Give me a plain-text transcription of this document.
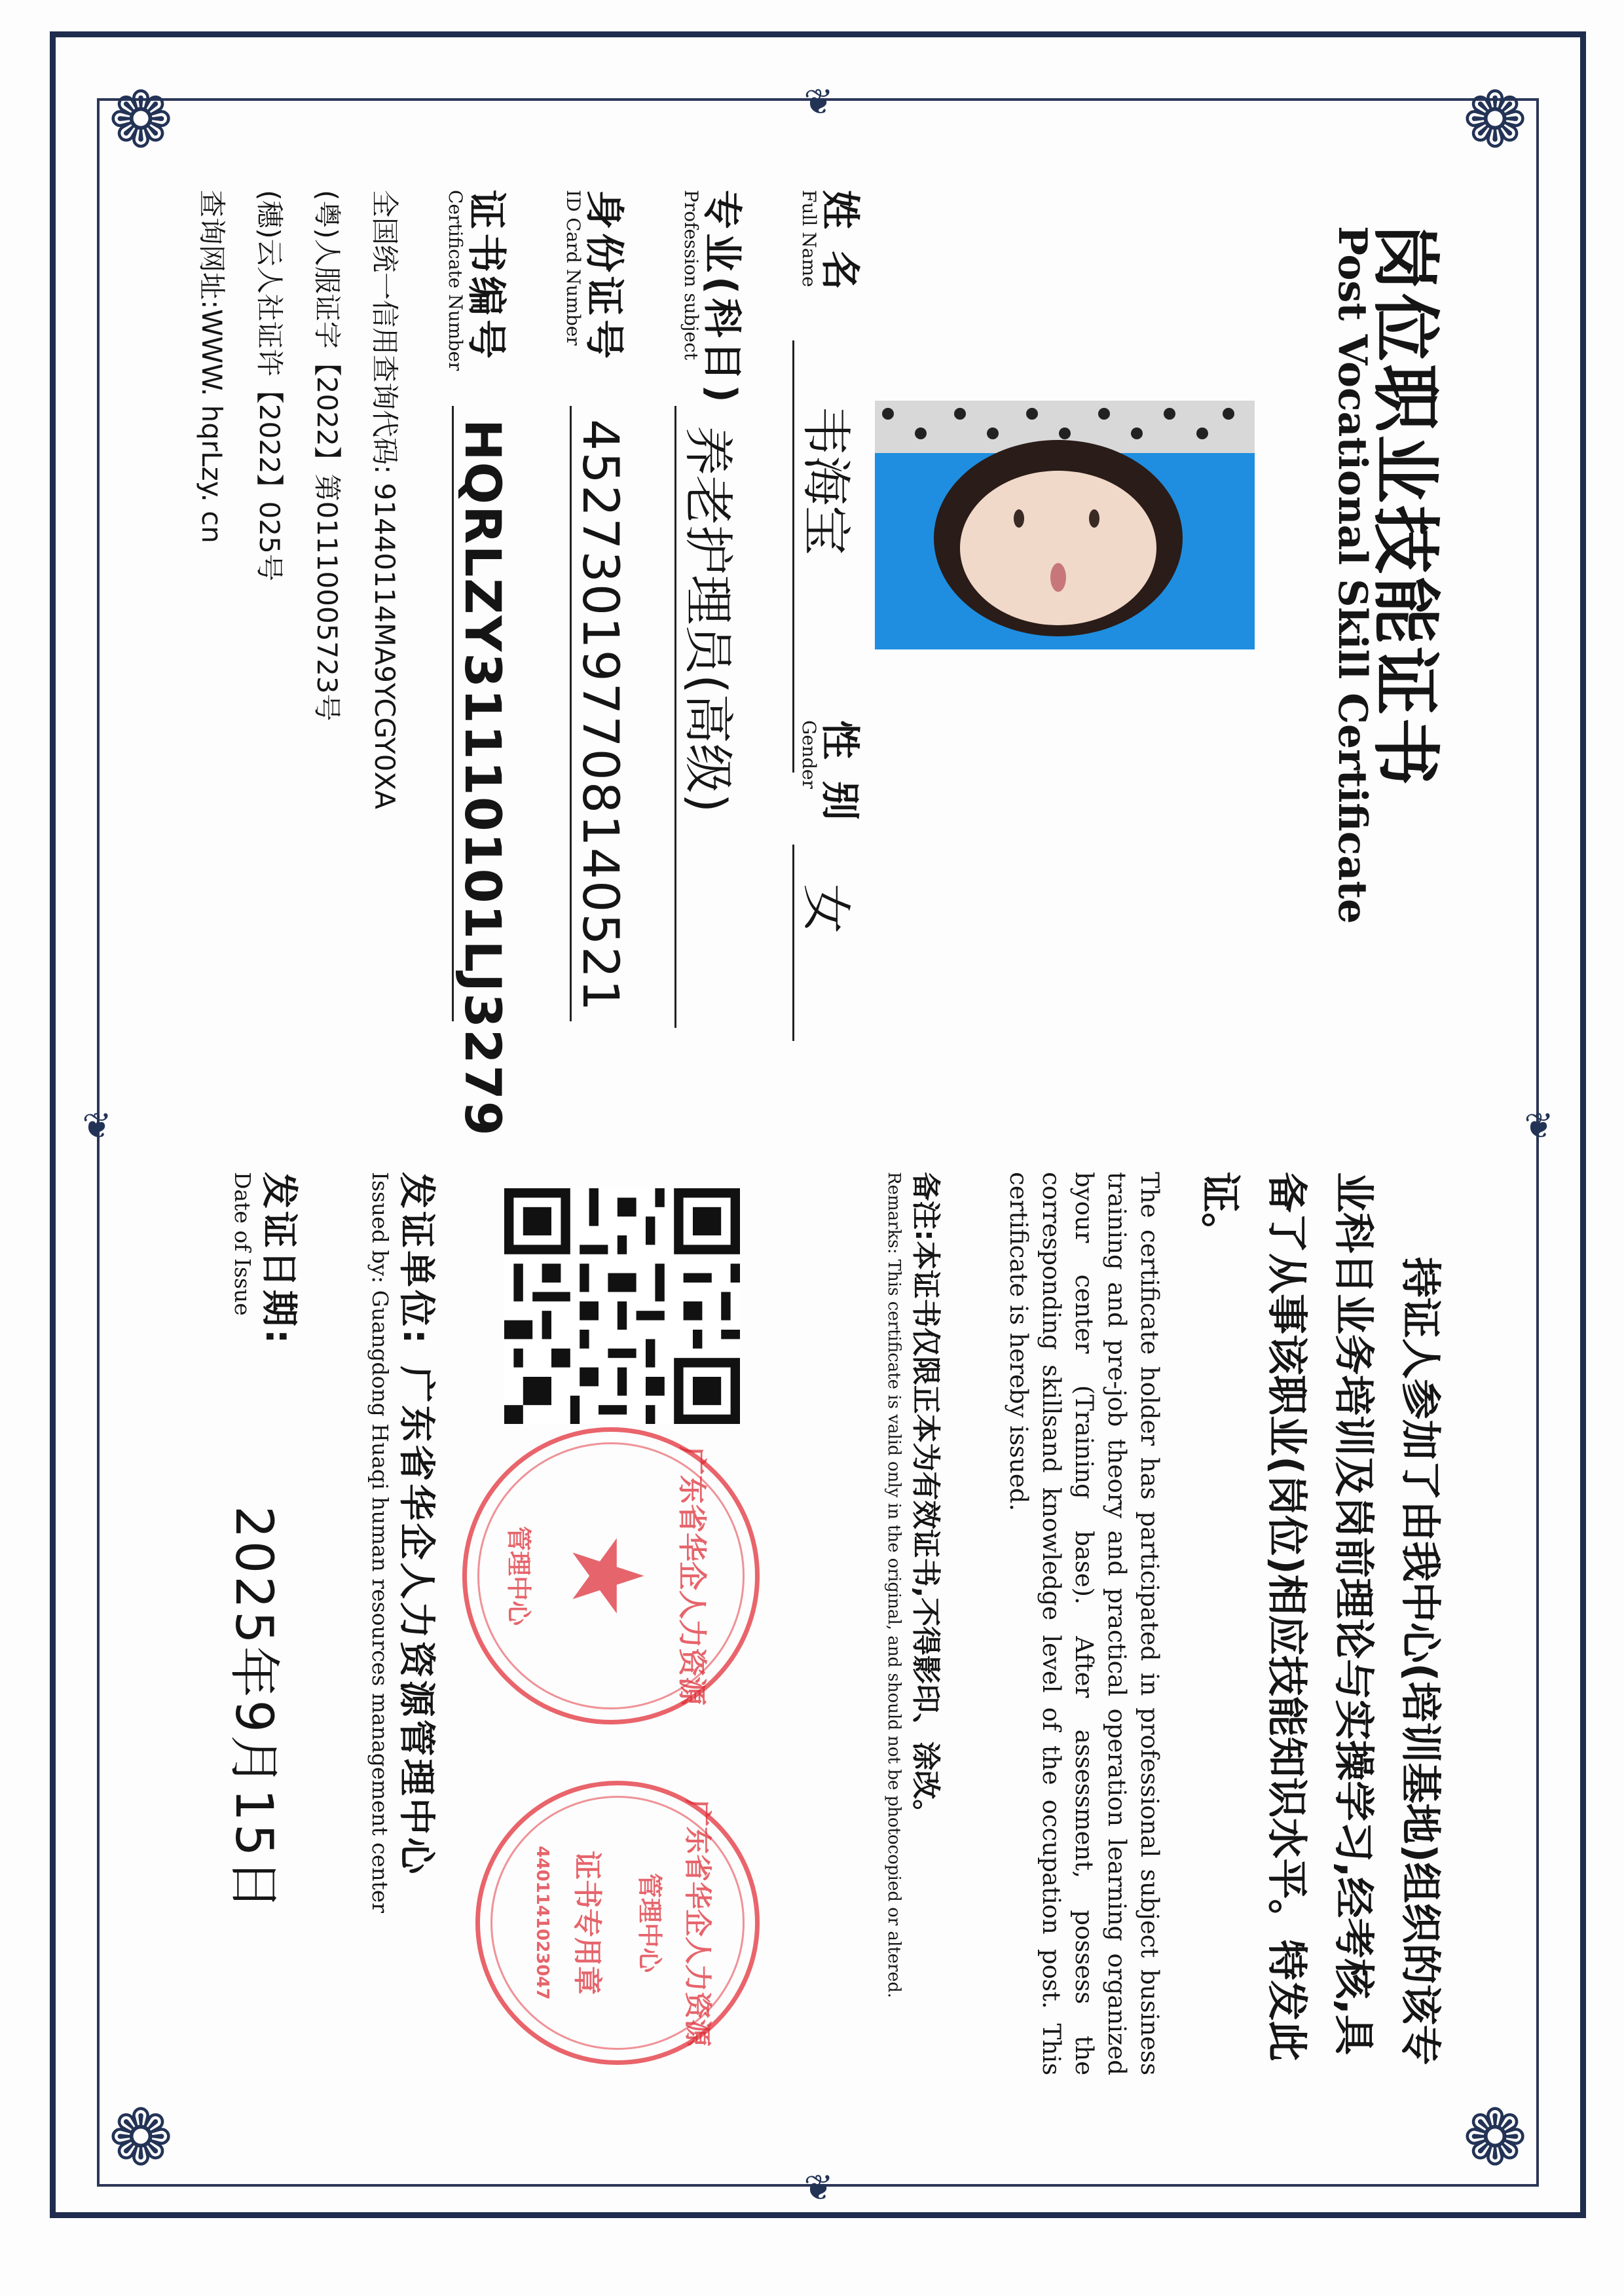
❁	❁
❁	❁
❦
❦
❦	❦
岗位职业技能证书
Post Vocational Skill Certificate
姓 名
Full Name
韦海宝
性 别
Gender
女
专业(科目)
Profession subject
养老护理员(高级)
身份证号
ID Card Number
452730197708140521
证书编号
Certificate Number
HQRLZY31110101LJ3279
全国统一信用查询代码: 91440114MA9YCGY0XA
(粤)人服证字【2022】第01110005723号
(穗)云人社证许【2022】025号
查询网址:WWW. hqrLzy. cn
持证人参加了由我中心(培训基地)组织的该专业科目业务培训及岗前理论与实操学习,经考核,具备了从事该职业(岗位)相应技能知识水平。特发此证。
The certificate holder has participated in professional subject business training and pre-job theory and practical operation learning organized byour center (Training base). After assessment, possess the corresponding skillsand knowledge level of the occupation post. This certificate is hereby issued.
备注:本证书仅限正本为有效证书,不得影印、涂改。
Remarks: This certificate is valid only in the original, and should not be photocopied or altered.
广东省华企人力资源
★
管理中心
广东省华企人力资源
管理中心
证书专用章
4401141023047
发证单位:广东省华企人力资源管理中心
Issued by: Guangdong Huaqi human resources management center
发证日期:
Date of Issue
2025年9月15日
